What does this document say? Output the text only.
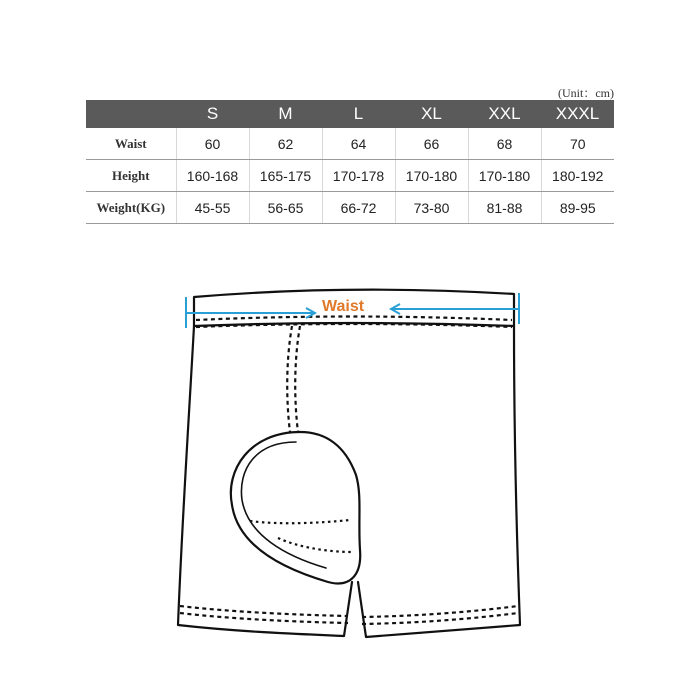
(Unit：cm)
	S	M	L	XL	XXL	XXXL
Waist	60	62	64	66	68	70
Height	160-168	165-175	170-178	170-180	170-180	180-192
Weight(KG)	45-55	56-65	66-72	73-80	81-88	89-95
Waist
